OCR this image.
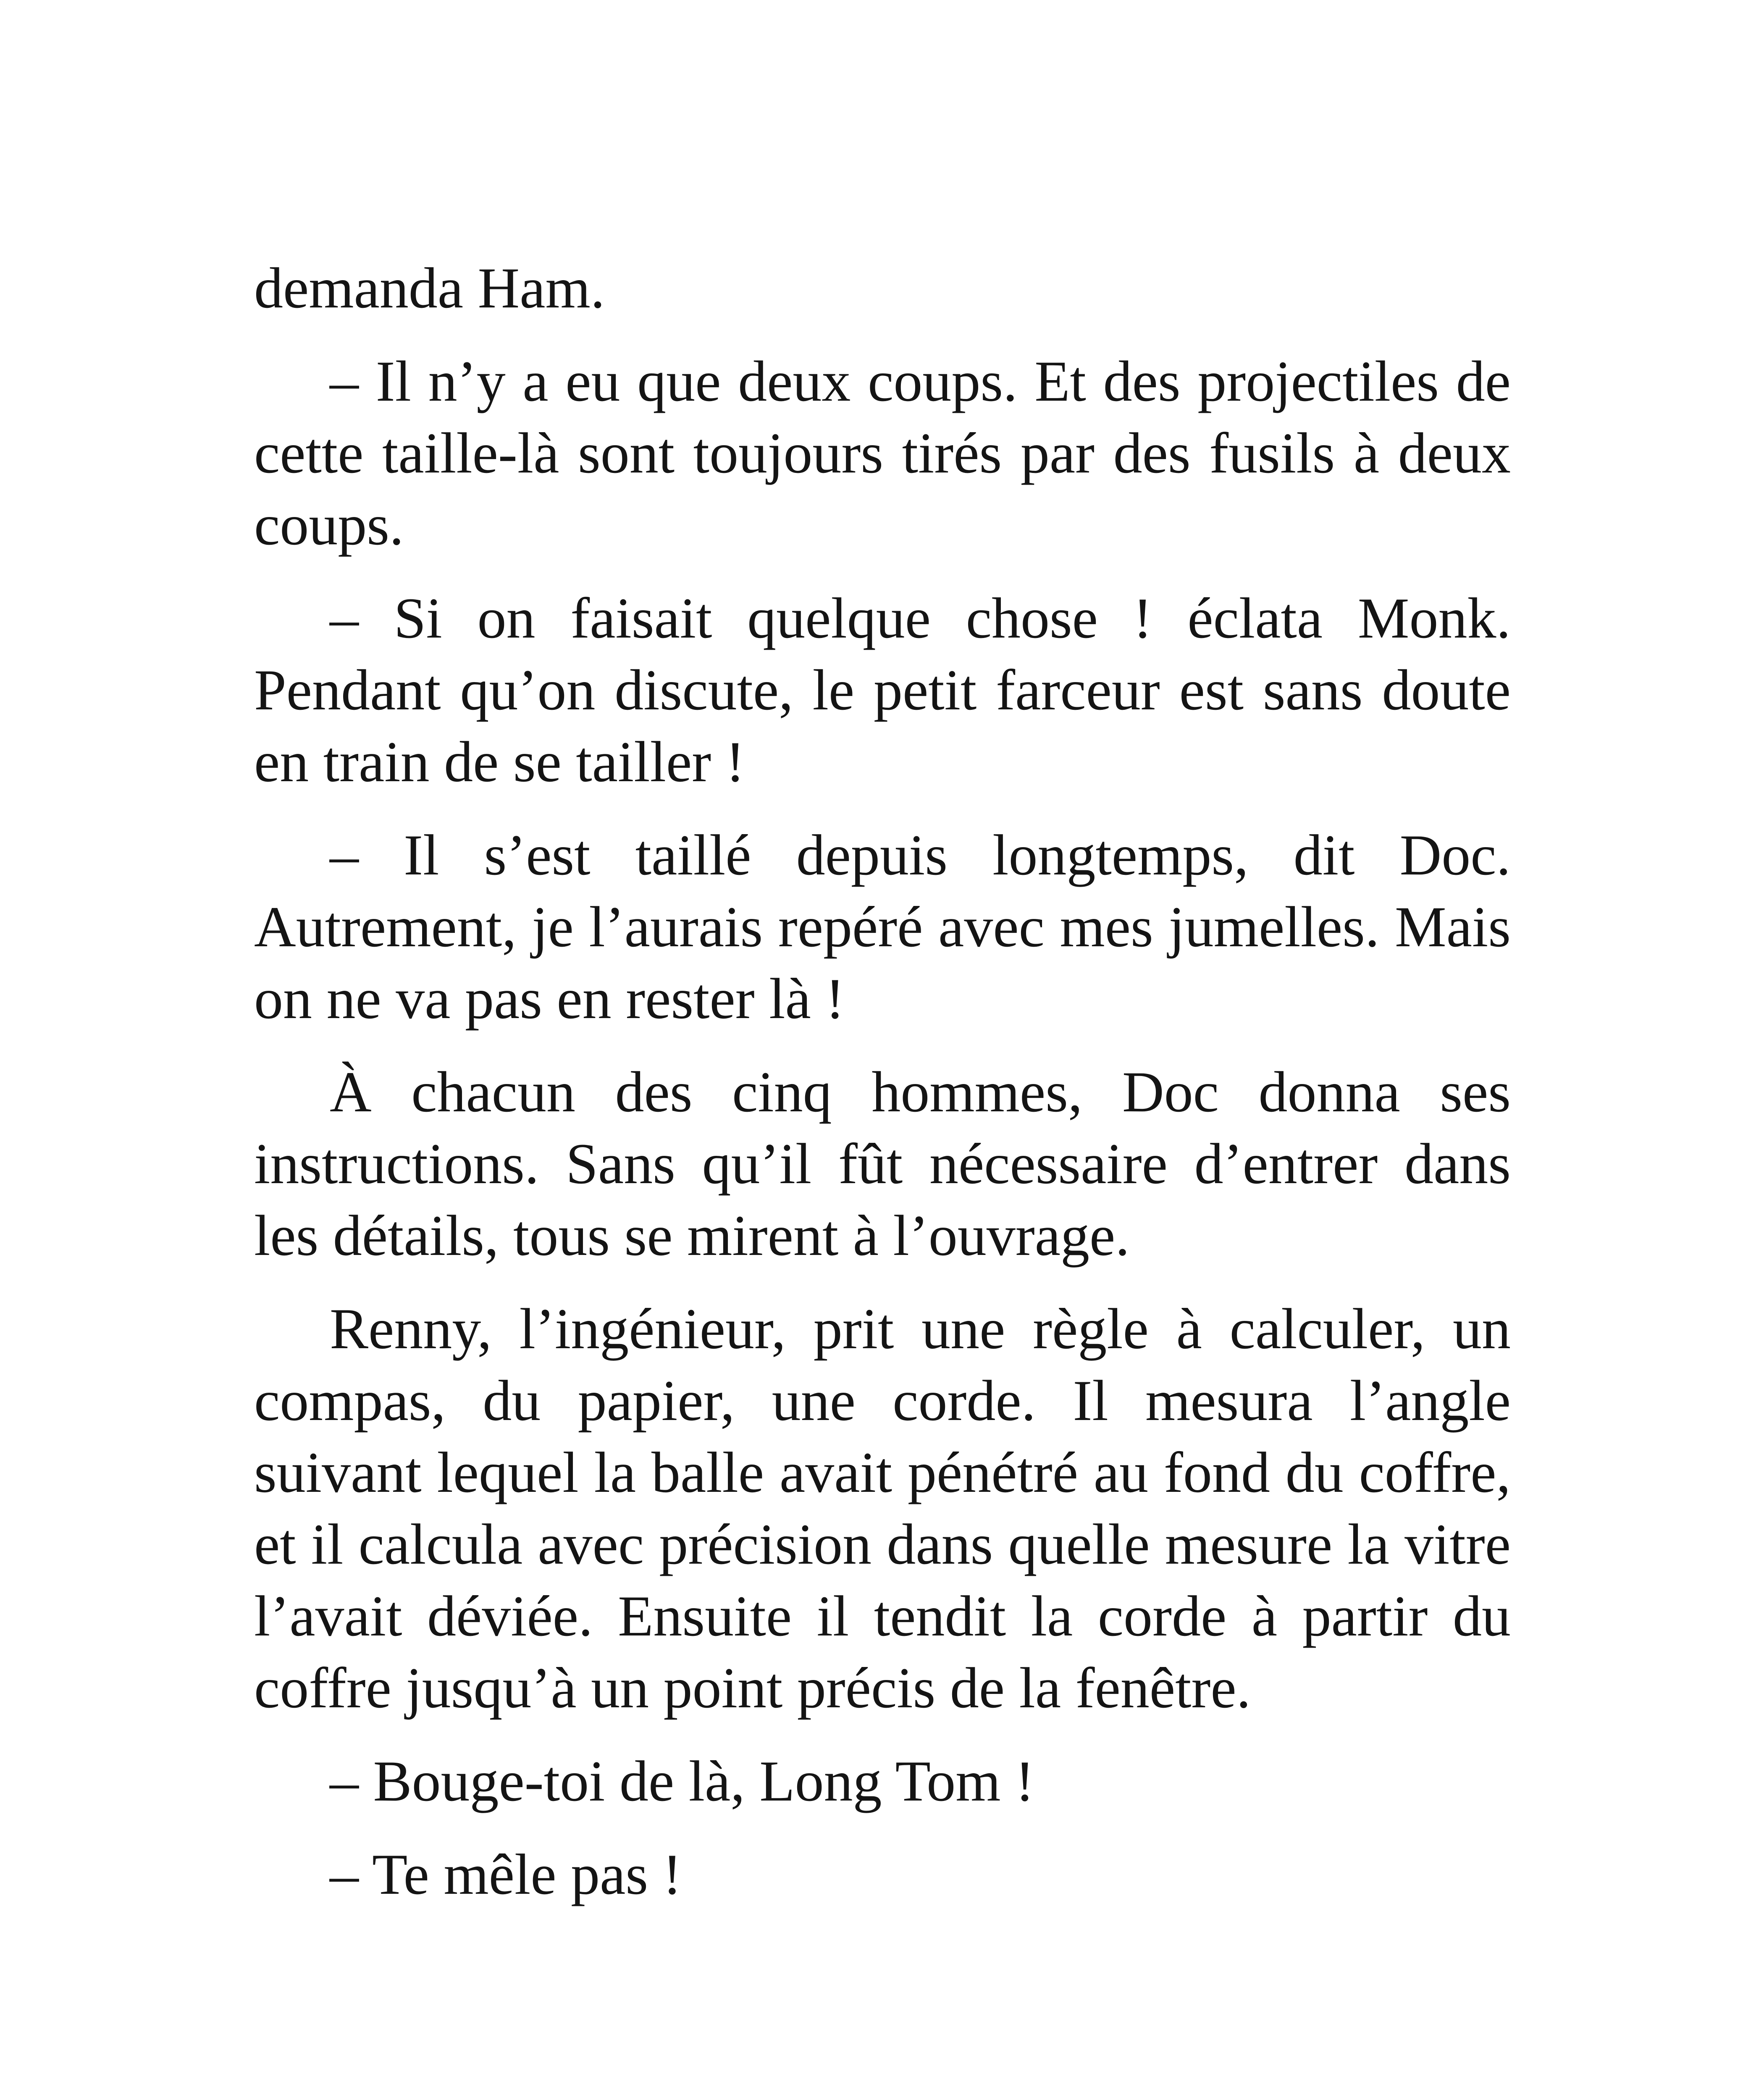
demanda Ham.

– Il n’y a eu que deux coups. Et des projectiles de cette taille-là sont toujours tirés par des fusils à deux coups.

– Si on faisait quelque chose ! éclata Monk. Pendant qu’on discute, le petit farceur est sans doute en train de se tailler !

– Il s’est taillé depuis longtemps, dit Doc. Autrement, je l’aurais repéré avec mes jumelles. Mais on ne va pas en rester là !

À chacun des cinq hommes, Doc donna ses instructions. Sans qu’il fût nécessaire d’entrer dans les détails, tous se mirent à l’ouvrage.

Renny, l’ingénieur, prit une règle à calculer, un compas, du papier, une corde. Il mesura l’angle suivant lequel la balle avait pénétré au fond du coffre, et il calcula avec précision dans quelle mesure la vitre l’avait déviée. Ensuite il tendit la corde à partir du coffre jusqu’à un point précis de la fenêtre.

– Bouge-toi de là, Long Tom !

– Te mêle pas !
